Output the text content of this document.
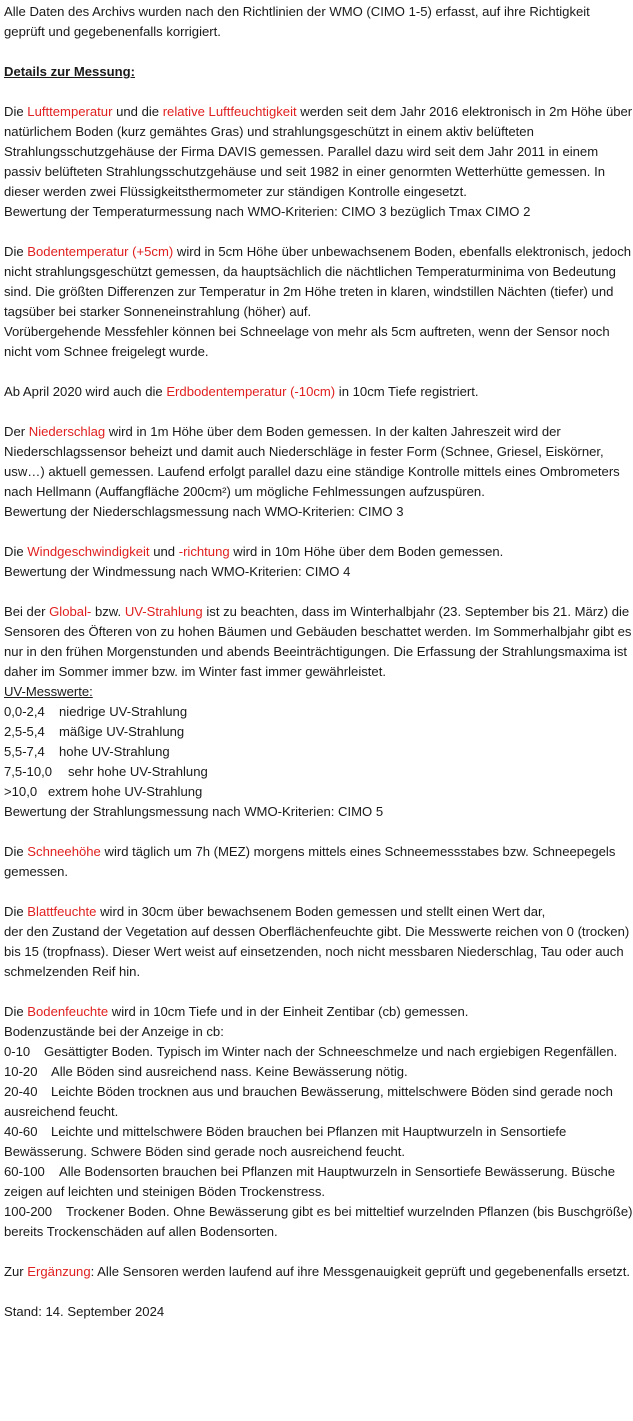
Alle Daten des Archivs wurden nach den Richtlinien der WMO (CIMO 1-5) erfasst, auf ihre Richtigkeit geprüft und gegebenenfalls korrigiert.

Details zur Messung:

Die Lufttemperatur und die relative Luftfeuchtigkeit werden seit dem Jahr 2016 elektronisch in 2m Höhe über natürlichem Boden (kurz gemähtes Gras) und strahlungsgeschützt in einem aktiv belüfteten Strahlungsschutzgehäuse der Firma DAVIS gemessen. Parallel dazu wird seit dem Jahr 2011 in einem passiv belüfteten Strahlungsschutzgehäuse und seit 1982 in einer genormten Wetterhütte gemessen. In dieser werden zwei Flüssigkeitsthermometer zur ständigen Kontrolle eingesetzt.

Bewertung der Temperaturmessung nach WMO-Kriterien: CIMO 3 bezüglich Tmax CIMO 2

Die Bodentemperatur (+5cm) wird in 5cm Höhe über unbewachsenem Boden, ebenfalls elektronisch, jedoch nicht strahlungsgeschützt gemessen, da hauptsächlich die nächtlichen Temperaturminima von Bedeutung sind. Die größten Differenzen zur Temperatur in 2m Höhe treten in klaren, windstillen Nächten (tiefer) und tagsüber bei starker Sonneneinstrahlung (höher) auf.

Vorübergehende Messfehler können bei Schneelage von mehr als 5cm auftreten, wenn der Sensor noch nicht vom Schnee freigelegt wurde.

Ab April 2020 wird auch die Erdbodentemperatur (-10cm) in 10cm Tiefe registriert.

Der Niederschlag wird in 1m Höhe über dem Boden gemessen. In der kalten Jahreszeit wird der Niederschlagssensor beheizt und damit auch Niederschläge in fester Form (Schnee, Griesel, Eiskörner, usw…) aktuell gemessen. Laufend erfolgt parallel dazu eine ständige Kontrolle mittels eines Ombrometers nach Hellmann (Auffangfläche 200cm²) um mögliche Fehlmessungen aufzuspüren.

Bewertung der Niederschlagsmessung nach WMO-Kriterien: CIMO 3

Die Windgeschwindigkeit und -richtung wird in 10m Höhe über dem Boden gemessen.

Bewertung der Windmessung nach WMO-Kriterien: CIMO 4

Bei der Global- bzw. UV-Strahlung ist zu beachten, dass im Winterhalbjahr (23. September bis 21. März) die Sensoren des Öfteren von zu hohen Bäumen und Gebäuden beschattet werden. Im Sommerhalbjahr gibt es nur in den frühen Morgenstunden und abends Beeinträchtigungen. Die Erfassung der Strahlungsmaxima ist daher im Sommer immer bzw. im Winter fast immer gewährleistet.

UV-Messwerte:

0,0-2,4 niedrige UV-Strahlung

2,5-5,4 mäßige UV-Strahlung

5,5-7,4 hohe UV-Strahlung

7,5-10,0 sehr hohe UV-Strahlung

>10,0 extrem hohe UV-Strahlung

Bewertung der Strahlungsmessung nach WMO-Kriterien: CIMO 5

Die Schneehöhe wird täglich um 7h (MEZ) morgens mittels eines Schneemessstabes bzw. Schneepegels gemessen.

Die Blattfeuchte wird in 30cm über bewachsenem Boden gemessen und stellt einen Wert dar,

der den Zustand der Vegetation auf dessen Oberflächenfeuchte gibt. Die Messwerte reichen von 0 (trocken) bis 15 (tropfnass). Dieser Wert weist auf einsetzenden, noch nicht messbaren Niederschlag, Tau oder auch schmelzenden Reif hin.

Die Bodenfeuchte wird in 10cm Tiefe und in der Einheit Zentibar (cb) gemessen.

Bodenzustände bei der Anzeige in cb:

0-10 Gesättigter Boden. Typisch im Winter nach der Schneeschmelze und nach ergiebigen Regenfällen.

10-20 Alle Böden sind ausreichend nass. Keine Bewässerung nötig.

20-40 Leichte Böden trocknen aus und brauchen Bewässerung, mittelschwere Böden sind gerade noch ausreichend feucht.

40-60 Leichte und mittelschwere Böden brauchen bei Pflanzen mit Hauptwurzeln in Sensortiefe Bewässerung. Schwere Böden sind gerade noch ausreichend feucht.

60-100 Alle Bodensorten brauchen bei Pflanzen mit Hauptwurzeln in Sensortiefe Bewässerung. Büsche zeigen auf leichten und steinigen Böden Trockenstress.

100-200 Trockener Boden. Ohne Bewässerung gibt es bei mitteltief wurzelnden Pflanzen (bis Buschgröße) bereits Trockenschäden auf allen Bodensorten.

Zur Ergänzung: Alle Sensoren werden laufend auf ihre Messgenauigkeit geprüft und gegebenenfalls ersetzt.

Stand: 14. September 2024
